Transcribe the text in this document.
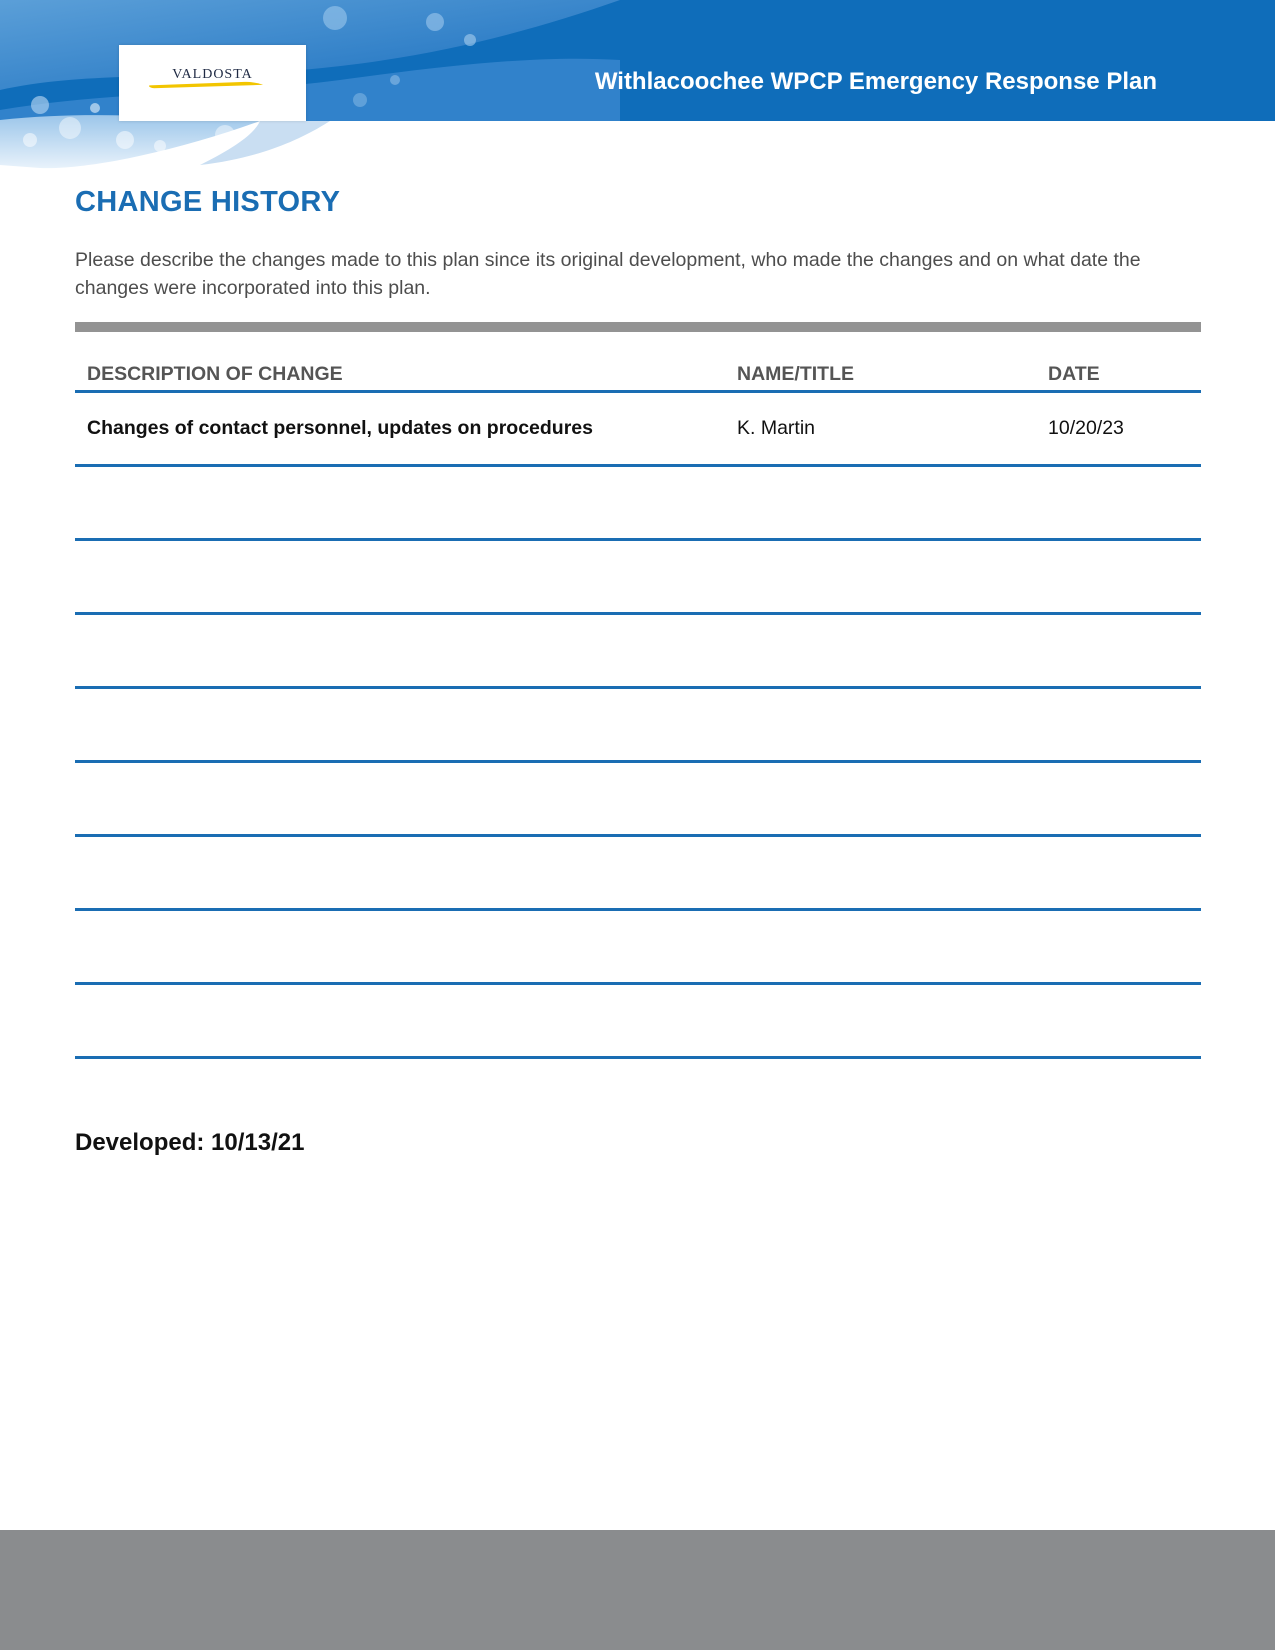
VALDOSTA	Withlacoochee WPCP Emergency Response Plan
CHANGE HISTORY
Please describe the changes made to this plan since its original development, who made the changes and on what date the changes were incorporated into this plan.
DESCRIPTION OF CHANGE	NAME/TITLE	DATE
Changes of contact personnel, updates on procedures	K. Martin	10/20/23
Developed: 10/13/21
